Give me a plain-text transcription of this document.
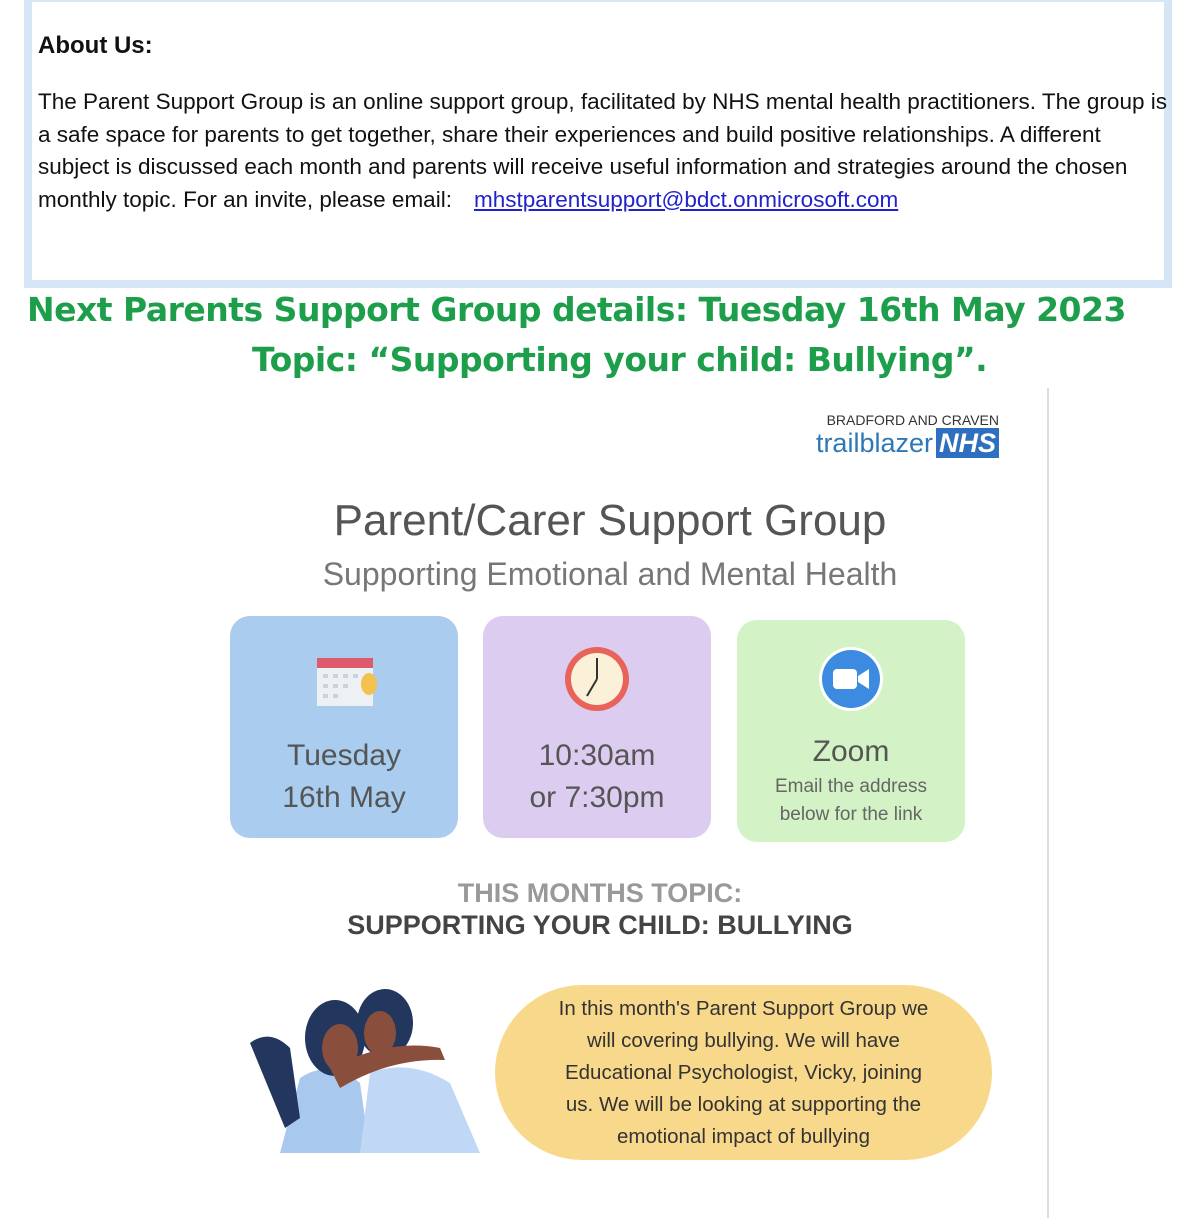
About Us:

The Parent Support Group is an online support group, facilitated by NHS mental health practitioners. The group is a safe space for parents to get together, share their experiences and build positive relationships. A different subject is discussed each month and parents will receive useful information and strategies around the chosen monthly topic. For an invite, please email: mhstparentsupport@bdct.onmicrosoft.com

Next Parents Support Group details: Tuesday 16th May 2023
Topic: “Supporting your child: Bullying”.
BRADFORD AND CRAVEN
trailblazer NHS
Parent/Carer Support Group
Supporting Emotional and Mental Health
Tuesday
16th May
10:30am
or 7:30pm
Zoom
Email the address
below for the link
THIS MONTHS TOPIC:
SUPPORTING YOUR CHILD: BULLYING
In this month's Parent Support Group we
will covering bullying. We will have
Educational Psychologist, Vicky, joining
us. We will be looking at supporting the
emotional impact of bullying
